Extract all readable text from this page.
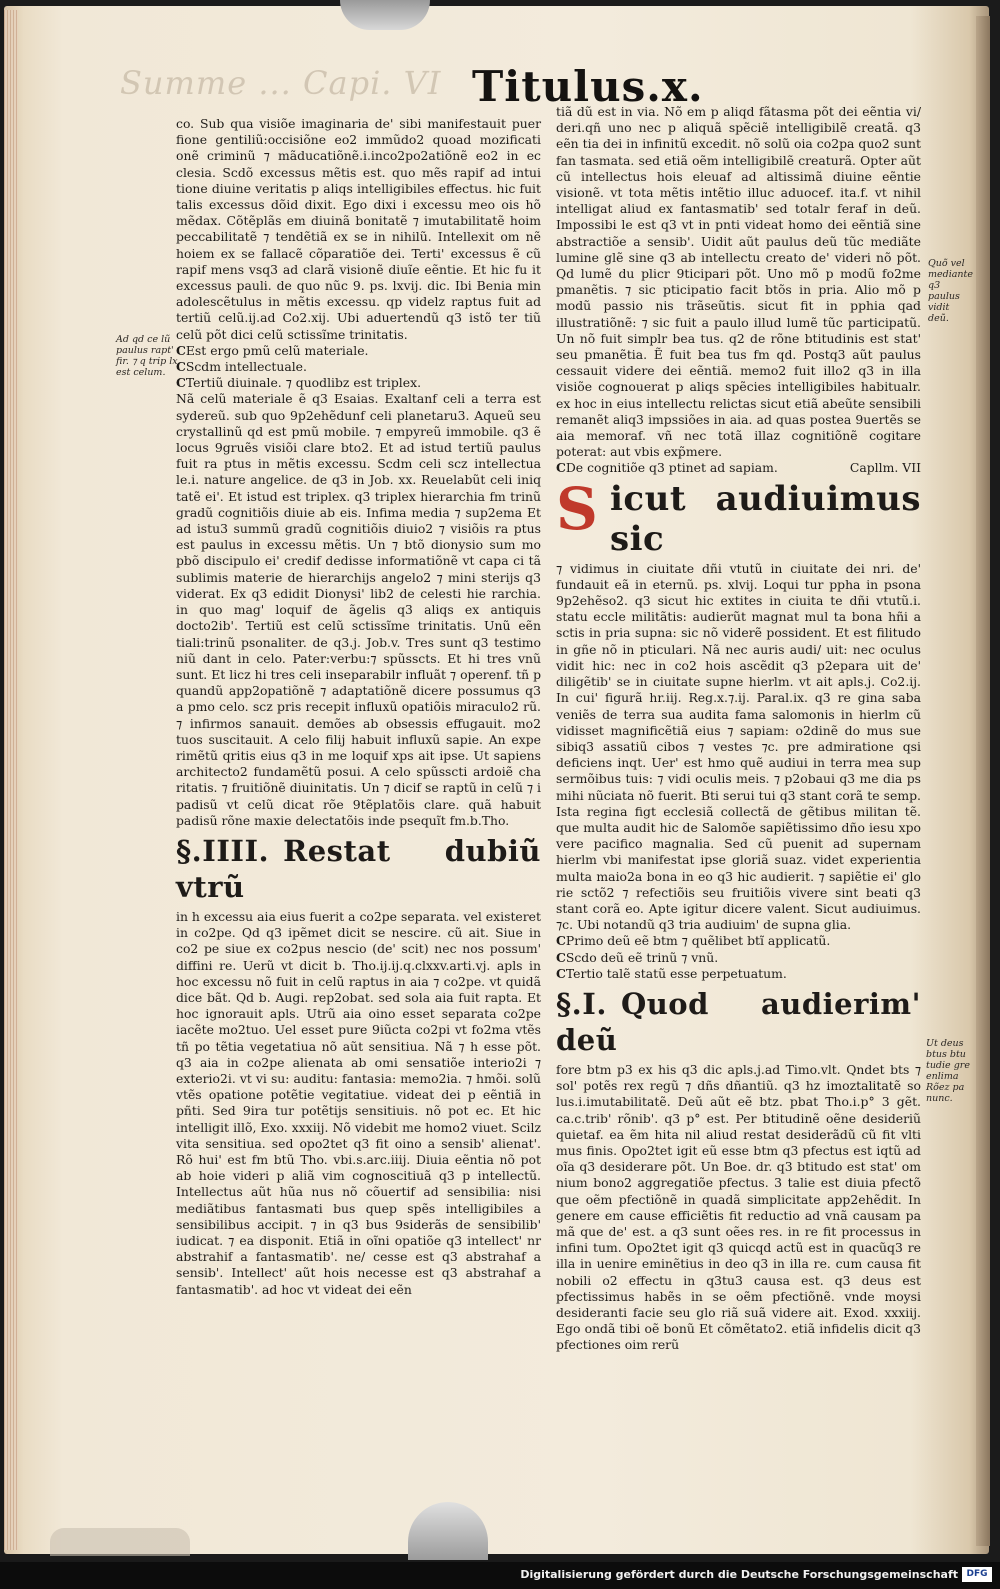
Summe ... Capi. VI Titulus.x.
Ad qd ce lũ paulus rapt' fir. ⁊ q trip lx est celum.
Quõ vel mediante q3 paulus vidit deũ.
Ut deus btus btu tudie gre enlima Rõez pa nunc.

co. Sub qua visiõe imaginaria de' sibi manifestauit puer fione gentiliũ:occisiõne eo2 immũdo2 quoad mozificati onẽ criminũ ⁊ mãducatiõnẽ.i.inco2po2atiõnẽ eo2 in ec clesia. Scdõ excessus mẽtis est. quo mẽs rapif ad intui tione diuine veritatis p aliqs intelligibiles effectus. hic fuit talis excessus dõid dixit. Ego dixi i excessu meo ois hõ mẽdax. Cõtẽplãs em diuinã bonitatẽ ⁊ imutabilitatẽ hoim peccabilitatẽ ⁊ tendẽtiã ex se in nihilũ. Intellexit om nẽ hoiem ex se fallacẽ cõparatiõe dei. Terti' excessus ẽ cũ rapif mens vsq3 ad clarã visionẽ diuĩe eẽntie. Et hic fu it excessus pauli. de quo nũc 9. ps. lxvij. dic. Ibi Benia min adolescẽtulus in mẽtis excessu. qp videlz raptus fuit ad tertiũ celũ.ij.ad Co2.xij. Ubi aduertendũ q3 istõ ter tiũ celũ põt dici celũ sctissĩme trinitatis.

CEst ergo pmũ celũ materiale.

CScdm intellectuale.

CTertiũ diuinale. ⁊ quodlibz est triplex.

Nã celũ materiale ẽ q3 Esaias. Exaltanf celi a terra est sydereũ. sub quo 9p2ehẽdunf celi planetaru3. Aqueũ seu crystallinũ qd est pmũ mobile. ⁊ empyreũ immobile. q3 ẽ locus 9gruẽs visiõi clare bto2. Et ad istud tertiũ paulus fuit ra ptus in mẽtis excessu. Scdm celi scz intellectua le.i. nature angelice. de q3 in Job. xx. Reuelabũt celi iniq tatẽ ei'. Et istud est triplex. q3 triplex hierarchia fm trinũ gradũ cognitiõis diuie ab eis. Infima media ⁊ sup2ema Et ad istu3 summũ gradũ cognitiõis diuio2 ⁊ visiõis ra ptus est paulus in excessu mẽtis. Un ⁊ btõ dionysio sum mo pbõ discipulo ei' credif dedisse informatiõnẽ vt capa ci tã sublimis materie de hierarchijs angelo2 ⁊ mini sterijs q3 viderat. Ex q3 edidit Dionysi' lib2 de celesti hie rarchia. in quo mag' loquif de ãgelis q3 aliqs ex antiquis docto2ib'. Tertiũ est celũ sctissĩme trinitatis. Unũ eẽn tiali:trinũ psonaliter. de q3.j. Job.v. Tres sunt q3 testimo niũ dant in celo. Pater:verbu:⁊ spũsscts. Et hi tres vnũ sunt. Et licz hi tres celi inseparabilr influãt ⁊ operenf. tñ p quandũ app2opatiõnẽ ⁊ adaptatiõnẽ dicere possumus q3 a pmo celo. scz pris recepit influxũ opatiõis miraculo2 rũ. ⁊ infirmos sanauit. demões ab obsessis effugauit. mo2 tuos suscitauit. A celo filij habuit influxũ sapie. An expe rimẽtũ qritis eius q3 in me loquif xps ait ipse. Ut sapiens architecto2 fundamẽtũ posui. A celo spũsscti ardoiẽ cha ritatis. ⁊ fruitiõnẽ diuinitatis. Un ⁊ dicif se raptũ in celũ ⁊ i padisũ vt celũ dicat rõe 9tẽplatõis clare. quã habuit padisũ rõne maxie delectatõis inde psequĩt fm.b.Tho.

§.IIII. Restat dubiũ vtrũ

in h excessu aia eius fuerit a co2pe separata. vel existeret in co2pe. Qd q3 ipẽmet dicit se nescire. cũ ait. Siue in co2 pe siue ex co2pus nescio (de' scit) nec nos possum' diffini re. Uerũ vt dicit b. Tho.ij.ij.q.clxxv.arti.vj. apls in hoc excessu nõ fuit in celũ raptus in aia ⁊ co2pe. vt quidã dice bãt. Qd b. Augi. rep2obat. sed sola aia fuit rapta. Et hoc ignorauit apls. Utrũ aia oino esset separata co2pe iacẽte mo2tuo. Uel esset pure 9iũcta co2pi vt fo2ma vtẽs tñ po tẽtia vegetatiua nõ aũt sensitiua. Nã ⁊ h esse põt. q3 aia in co2pe alienata ab omi sensatiõe interio2i ⁊ exterio2i. vt vi su: auditu: fantasia: memo2ia. ⁊ hmõi. solũ vtẽs opatione potẽtie vegitatiue. videat dei p eẽntiã in pñti. Sed 9ira tur potẽtijs sensitiuis. nõ pot ec. Et hic intelligit illõ, Exo. xxxiij. Nõ videbit me homo2 viuet. Scilz vita sensitiua. sed opo2tet q3 fit oino a sensib' alienat'. Rõ hui' est fm btũ Tho. vbi.s.arc.iiij. Diuia eẽntia nõ pot ab hoie videri p aliã vim cognoscitiuã q3 p intellectũ. Intellectus aũt hũa nus nõ cõuertif ad sensibilia: nisi mediãtibus fantasmati bus quep spẽs intelligibiles a sensibilibus accipit. ⁊ in q3 bus 9siderãs de sensibilib' iudicat. ⁊ ea disponit. Etiã in oĩni opatiõe q3 intellect' nr abstrahif a fantasmatib'. ne/ cesse est q3 abstrahaf a sensib'. Intellect' aũt hois necesse est q3 abstrahaf a fantasmatib'. ad hoc vt videat dei eẽn

tiã dũ est in via. Nõ em p aliqd fãtasma põt dei eẽntia vi/ deri.qñ uno nec p aliquã spẽciẽ intelligibilẽ creatã. q3 eẽn tia dei in infinitũ excedit. nõ solũ oia co2pa quo2 sunt fan tasmata. sed etiã oẽm intelligibilẽ creaturã. Opter aũt cũ intellectus hois eleuaf ad altissimã diuine eẽntie visionẽ. vt tota mẽtis intẽtio illuc aduocef. ita.f. vt nihil intelligat aliud ex fantasmatib' sed totalr feraf in deũ. Impossibi le est q3 vt in pnti videat homo dei eẽntiã sine abstractiõe a sensib'. Uidit aũt paulus deũ tũc mediãte lumine glẽ sine q3 ab intellectu creato de' videri nõ põt. Qd lumẽ du plicr 9ticipari põt. Uno mõ p modũ fo2me pmanẽtis. ⁊ sic pticipatio facit btõs in pria. Alio mõ p modũ passio nis trãseũtis. sicut fit in pphia qad illustratiõnẽ: ⁊ sic fuit a paulo illud lumẽ tũc participatũ. Un nõ fuit simplr bea tus. q2 de rõne btitudinis est stat' seu pmanẽtia. Ẽ fuit bea tus fm qd. Postq3 aũt paulus cessauit videre dei eẽntiã. memo2 fuit illo2 q3 in illa visiõe cognouerat p aliqs spẽcies intelligibiles habitualr. ex hoc in eius intellectu relictas sicut etiã abeũte sensibili remanẽt aliq3 impssiões in aia. ad quas postea 9uertẽs se aia memoraf. vñ nec totã illaz cognitiõnẽ cogitare poterat: aut vbis exp̃mere.

CDe cognitiõe q3 ptinet ad sapiam.	Capllm. VII

S icut audiuimus sic

⁊ vidimus in ciuitate dñi vtutũ in ciuitate dei nri. de' fundauit eã in eternũ. ps. xlvij. Loqui tur ppha in psona 9p2ehẽso2. q3 sicut hic extites in ciuita te dñi vtutũ.i. statu eccle militãtis: audierũt magnat mul ta bona hñi a sctis in pria supna: sic nõ viderẽ possident. Et est filitudo in gñe nõ in pticulari. Nã nec auris audi/ uit: nec oculus vidit hic: nec in co2 hois ascẽdit q3 p2epara uit de' diligẽtib' se in ciuitate supne hierlm. vt ait apls.j. Co2.ij. In cui' figurã hr.iij. Reg.x.⁊.ij. Paral.ix. q3 re gina saba veniẽs de terra sua audita fama salomonis in hierlm cũ vidisset magnificẽtiã eius ⁊ sapiam: o2dinẽ do mus sue sibiq3 assatiũ cibos ⁊ vestes ⁊c. pre admiratione qsi deficiens inqt. Uer' est hmo quẽ audiui in terra mea sup sermõibus tuis: ⁊ vidi oculis meis. ⁊ p2obaui q3 me dia ps mihi nũciata nõ fuerit. Bti serui tui q3 stant corã te semp. Ista regina figt ecclesiã collectã de gẽtibus militan tẽ. que multa audit hic de Salomõe sapiẽtissimo dño iesu xpo vere pacifico magnalia. Sed cũ puenit ad supernam hierlm vbi manifestat ipse gloriã suaz. videt experientia multa maio2a bona in eo q3 hic audierit. ⁊ sapiẽtie ei' glo rie sctõ2 ⁊ refectiõis seu fruitiõis vivere sint beati q3 stant corã eo. Apte igitur dicere valent. Sicut audiuimus. ⁊c. Ubi notandũ q3 tria audiuim' de supna glia.

CPrimo deũ eẽ btm ⁊ quẽlibet btĩ applicatũ.

CScdo deũ eẽ trinũ ⁊ vnũ.

CTertio talẽ statũ esse perpetuatum.

§.I. Quod audierim' deũ

fore btm p3 ex his q3 dic apls.j.ad Timo.vlt. Qndet bts ⁊ sol' potẽs rex regũ ⁊ dñs dñantiũ. q3 hz imoztalitatẽ so lus.i.imutabilitatẽ. Deũ aũt eẽ btz. pbat Tho.i.p° 3 gẽt. ca.c.trib' rõnib'. q3 p° est. Per btitudinẽ oẽne desideriũ quietaf. ea ẽm hita nil aliud restat desiderãdũ cũ fit vlti mus finis. Opo2tet igit eũ esse btm q3 pfectus est iqtũ ad oĩa q3 desiderare põt. Un Boe. dr. q3 btitudo est stat' om nium bono2 aggregatiõe pfectus. 3 talie est diuia pfectõ que oẽm pfectiõnẽ in quadã simplicitate app2ehẽdit. In genere em cause efficiẽtis fit reductio ad vnã causam pa mã que de' est. a q3 sunt oẽes res. in re fit processus in infini tum. Opo2tet igit q3 quicqd actũ est in quacũq3 re illa in uenire eminẽtius in deo q3 in illa re. cum causa fit nobili o2 effectu in q3tu3 causa est. q3 deus est pfectissimus habẽs in se oẽm pfectiõnẽ. vnde moysi desideranti facie seu glo riã suã videre ait. Exod. xxxiij. Ego ondã tibi oẽ bonũ Et cõmẽtato2. etiã infidelis dicit q3 pfectiones oim rerũ

Digitalisierung gefördert durch die Deutsche Forschungsgemeinschaft DFG
